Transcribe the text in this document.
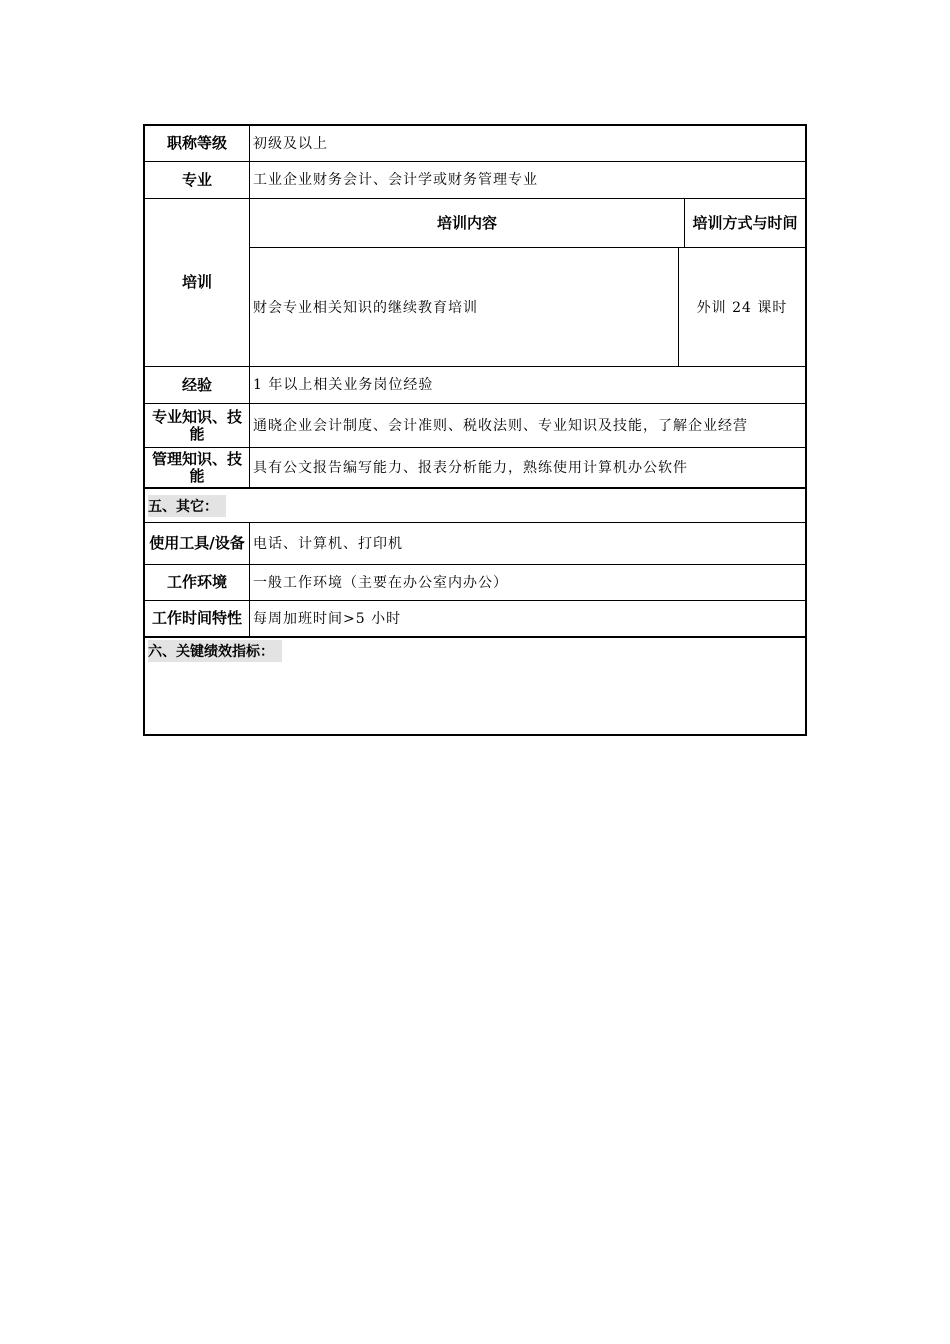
职称等级	初级及以上
专业	工业企业财务会计、会计学或财务管理专业
培训
培训内容	培训方式与时间
财会专业相关知识的继续教育培训	外训 24 课时
经验	1 年以上相关业务岗位经验
专业知识、技能	通晓企业会计制度、会计准则、税收法则、专业知识及技能，了解企业经营
管理知识、技能	具有公文报告编写能力、报表分析能力，熟练使用计算机办公软件
五、其它：
使用工具/设备 电话、计算机、打印机
工作环境	一般工作环境（主要在办公室内办公）
工作时间特性 每周加班时间>5 小时
六、关键绩效指标：
